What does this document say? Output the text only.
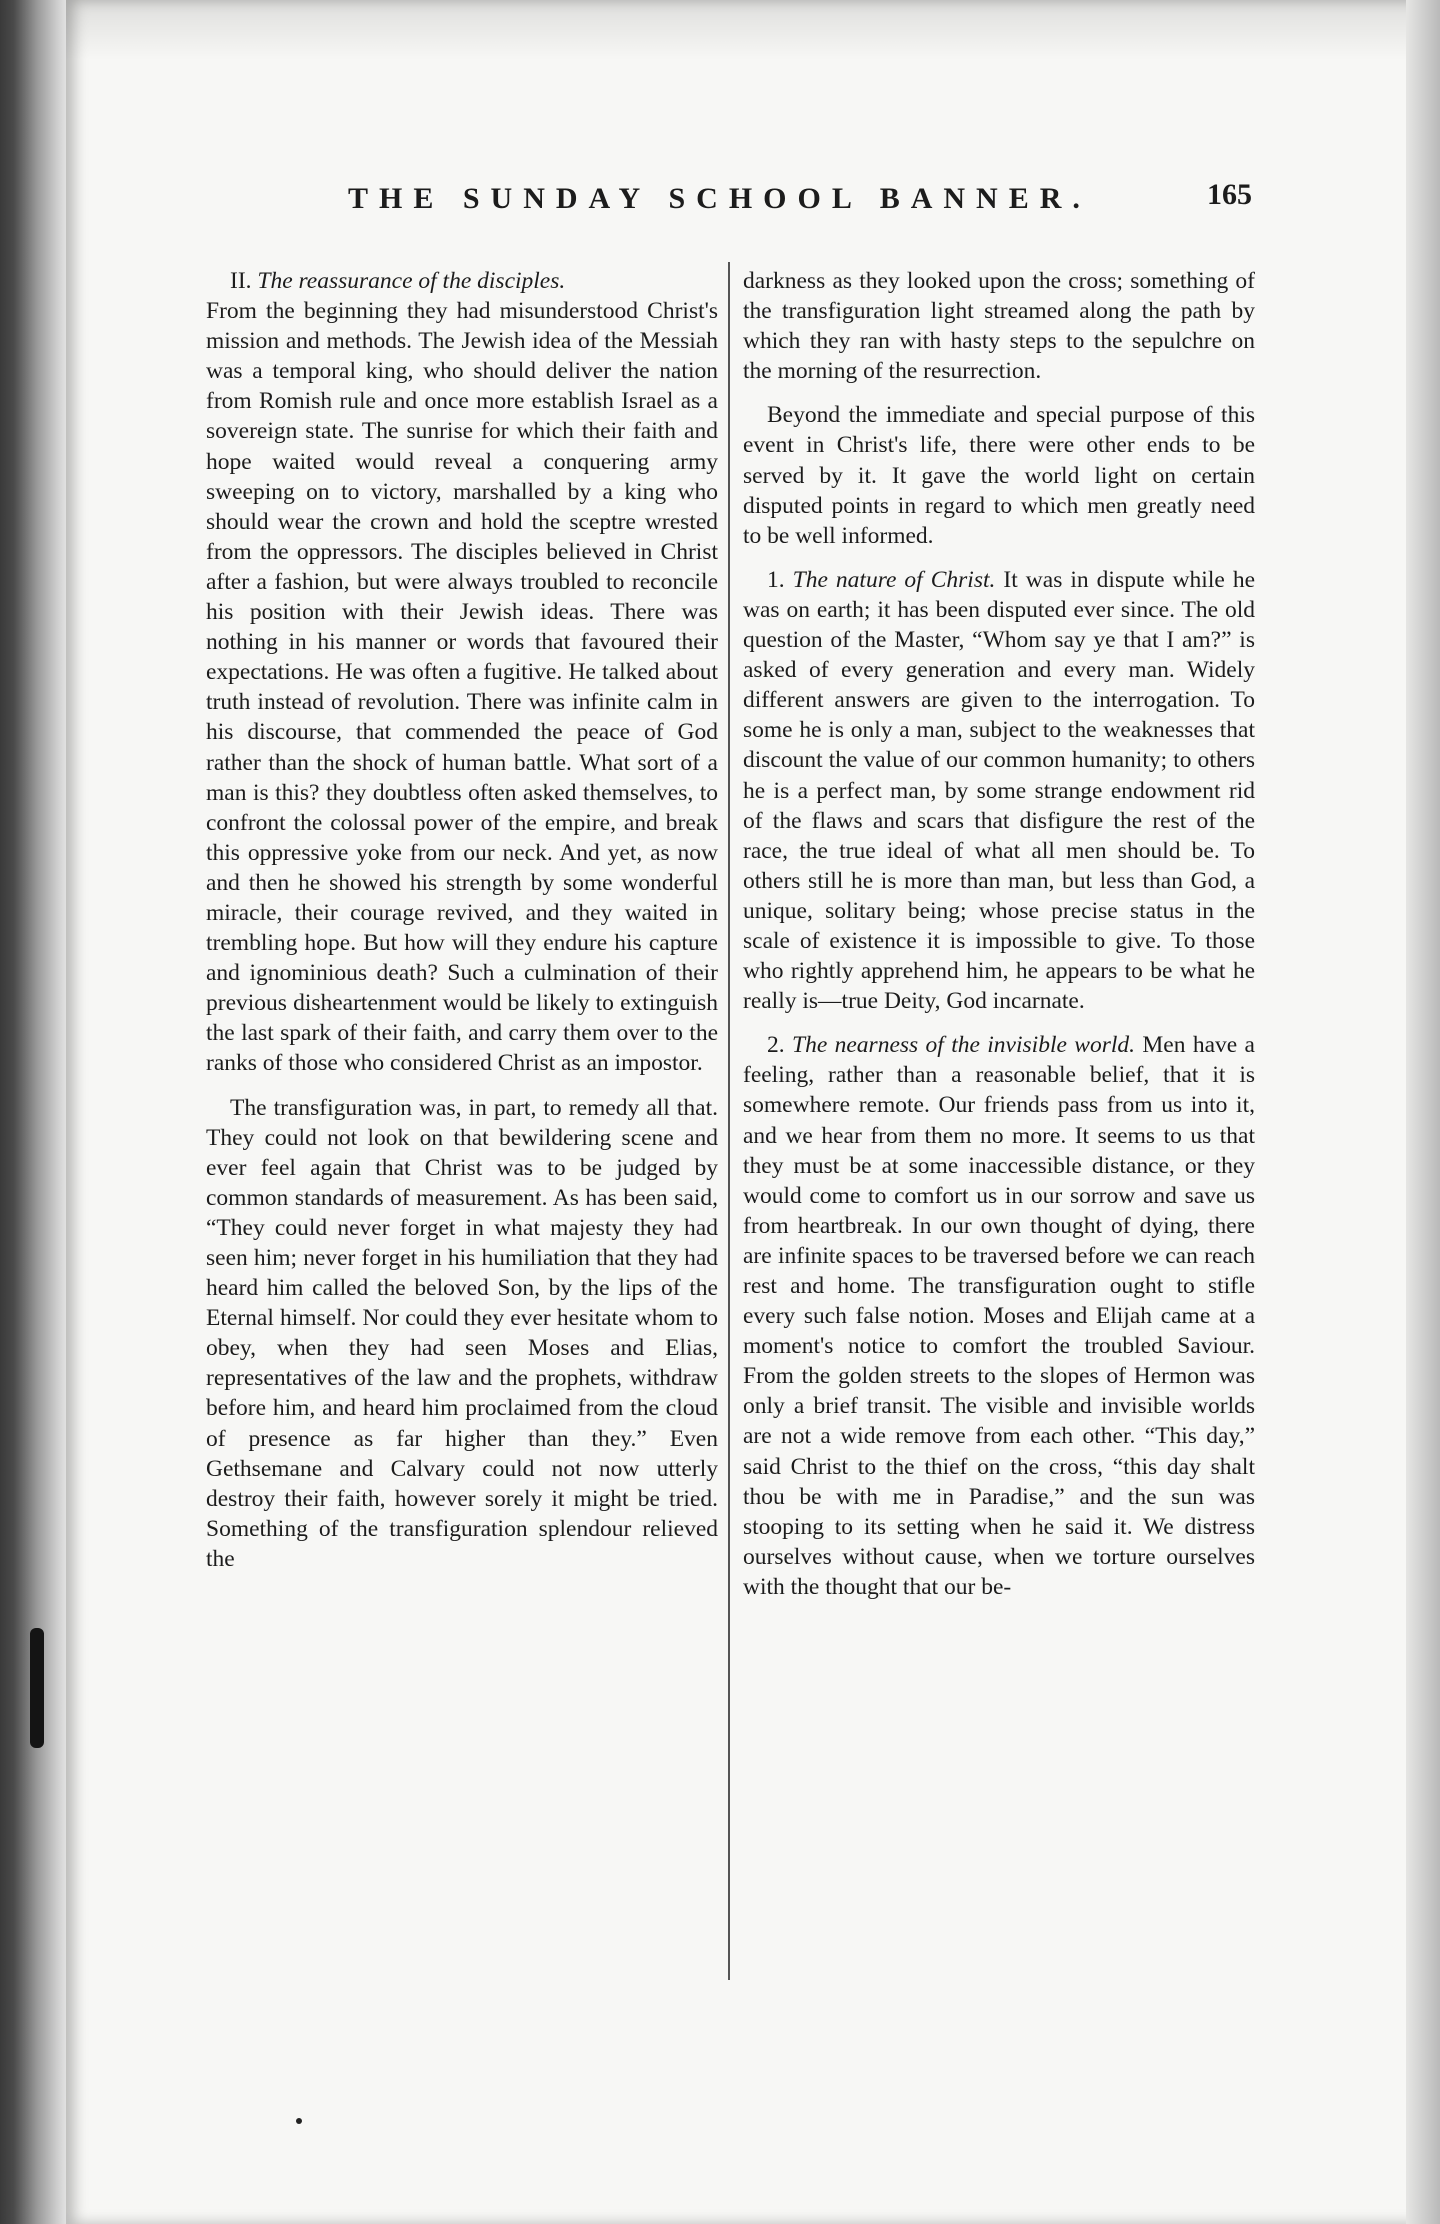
THE SUNDAY SCHOOL BANNER.	165

II. The reassurance of the disciples.
From the beginning they had misunderstood Christ's mission and methods. The Jewish idea of the Messiah was a temporal king, who should deliver the nation from Romish rule and once more establish Israel as a sovereign state. The sunrise for which their faith and hope waited would reveal a conquering army sweeping on to victory, marshalled by a king who should wear the crown and hold the sceptre wrested from the oppressors. The disciples believed in Christ after a fashion, but were always troubled to reconcile his position with their Jewish ideas. There was nothing in his manner or words that favoured their expectations. He was often a fugitive. He talked about truth instead of revolution. There was infinite calm in his discourse, that commended the peace of God rather than the shock of human battle. What sort of a man is this? they doubtless often asked themselves, to confront the colossal power of the empire, and break this oppressive yoke from our neck. And yet, as now and then he showed his strength by some wonderful miracle, their courage revived, and they waited in trembling hope. But how will they endure his capture and ignominious death? Such a culmination of their previous disheartenment would be likely to extinguish the last spark of their faith, and carry them over to the ranks of those who considered Christ as an impostor.

The transfiguration was, in part, to remedy all that. They could not look on that bewildering scene and ever feel again that Christ was to be judged by common standards of measurement. As has been said, “They could never forget in what majesty they had seen him; never forget in his humiliation that they had heard him called the beloved Son, by the lips of the Eternal himself. Nor could they ever hesitate whom to obey, when they had seen Moses and Elias, representatives of the law and the prophets, withdraw before him, and heard him proclaimed from the cloud of presence as far higher than they.” Even Gethsemane and Calvary could not now utterly destroy their faith, however sorely it might be tried. Something of the transfiguration splendour relieved the

darkness as they looked upon the cross; something of the transfiguration light streamed along the path by which they ran with hasty steps to the sepulchre on the morning of the resurrection.

Beyond the immediate and special purpose of this event in Christ's life, there were other ends to be served by it. It gave the world light on certain disputed points in regard to which men greatly need to be well informed.

1. The nature of Christ. It was in dispute while he was on earth; it has been disputed ever since. The old question of the Master, “Whom say ye that I am?” is asked of every generation and every man. Widely different answers are given to the interrogation. To some he is only a man, subject to the weaknesses that discount the value of our common humanity; to others he is a perfect man, by some strange endowment rid of the flaws and scars that disfigure the rest of the race, the true ideal of what all men should be. To others still he is more than man, but less than God, a unique, solitary being; whose precise status in the scale of existence it is impossible to give. To those who rightly apprehend him, he appears to be what he really is—true Deity, God incarnate.

2. The nearness of the invisible world. Men have a feeling, rather than a reasonable belief, that it is somewhere remote. Our friends pass from us into it, and we hear from them no more. It seems to us that they must be at some inaccessible distance, or they would come to comfort us in our sorrow and save us from heartbreak. In our own thought of dying, there are infinite spaces to be traversed before we can reach rest and home. The transfiguration ought to stifle every such false notion. Moses and Elijah came at a moment's notice to comfort the troubled Saviour. From the golden streets to the slopes of Hermon was only a brief transit. The visible and invisible worlds are not a wide remove from each other. “This day,” said Christ to the thief on the cross, “this day shalt thou be with me in Paradise,” and the sun was stooping to its setting when he said it. We distress ourselves without cause, when we torture ourselves with the thought that our be-
